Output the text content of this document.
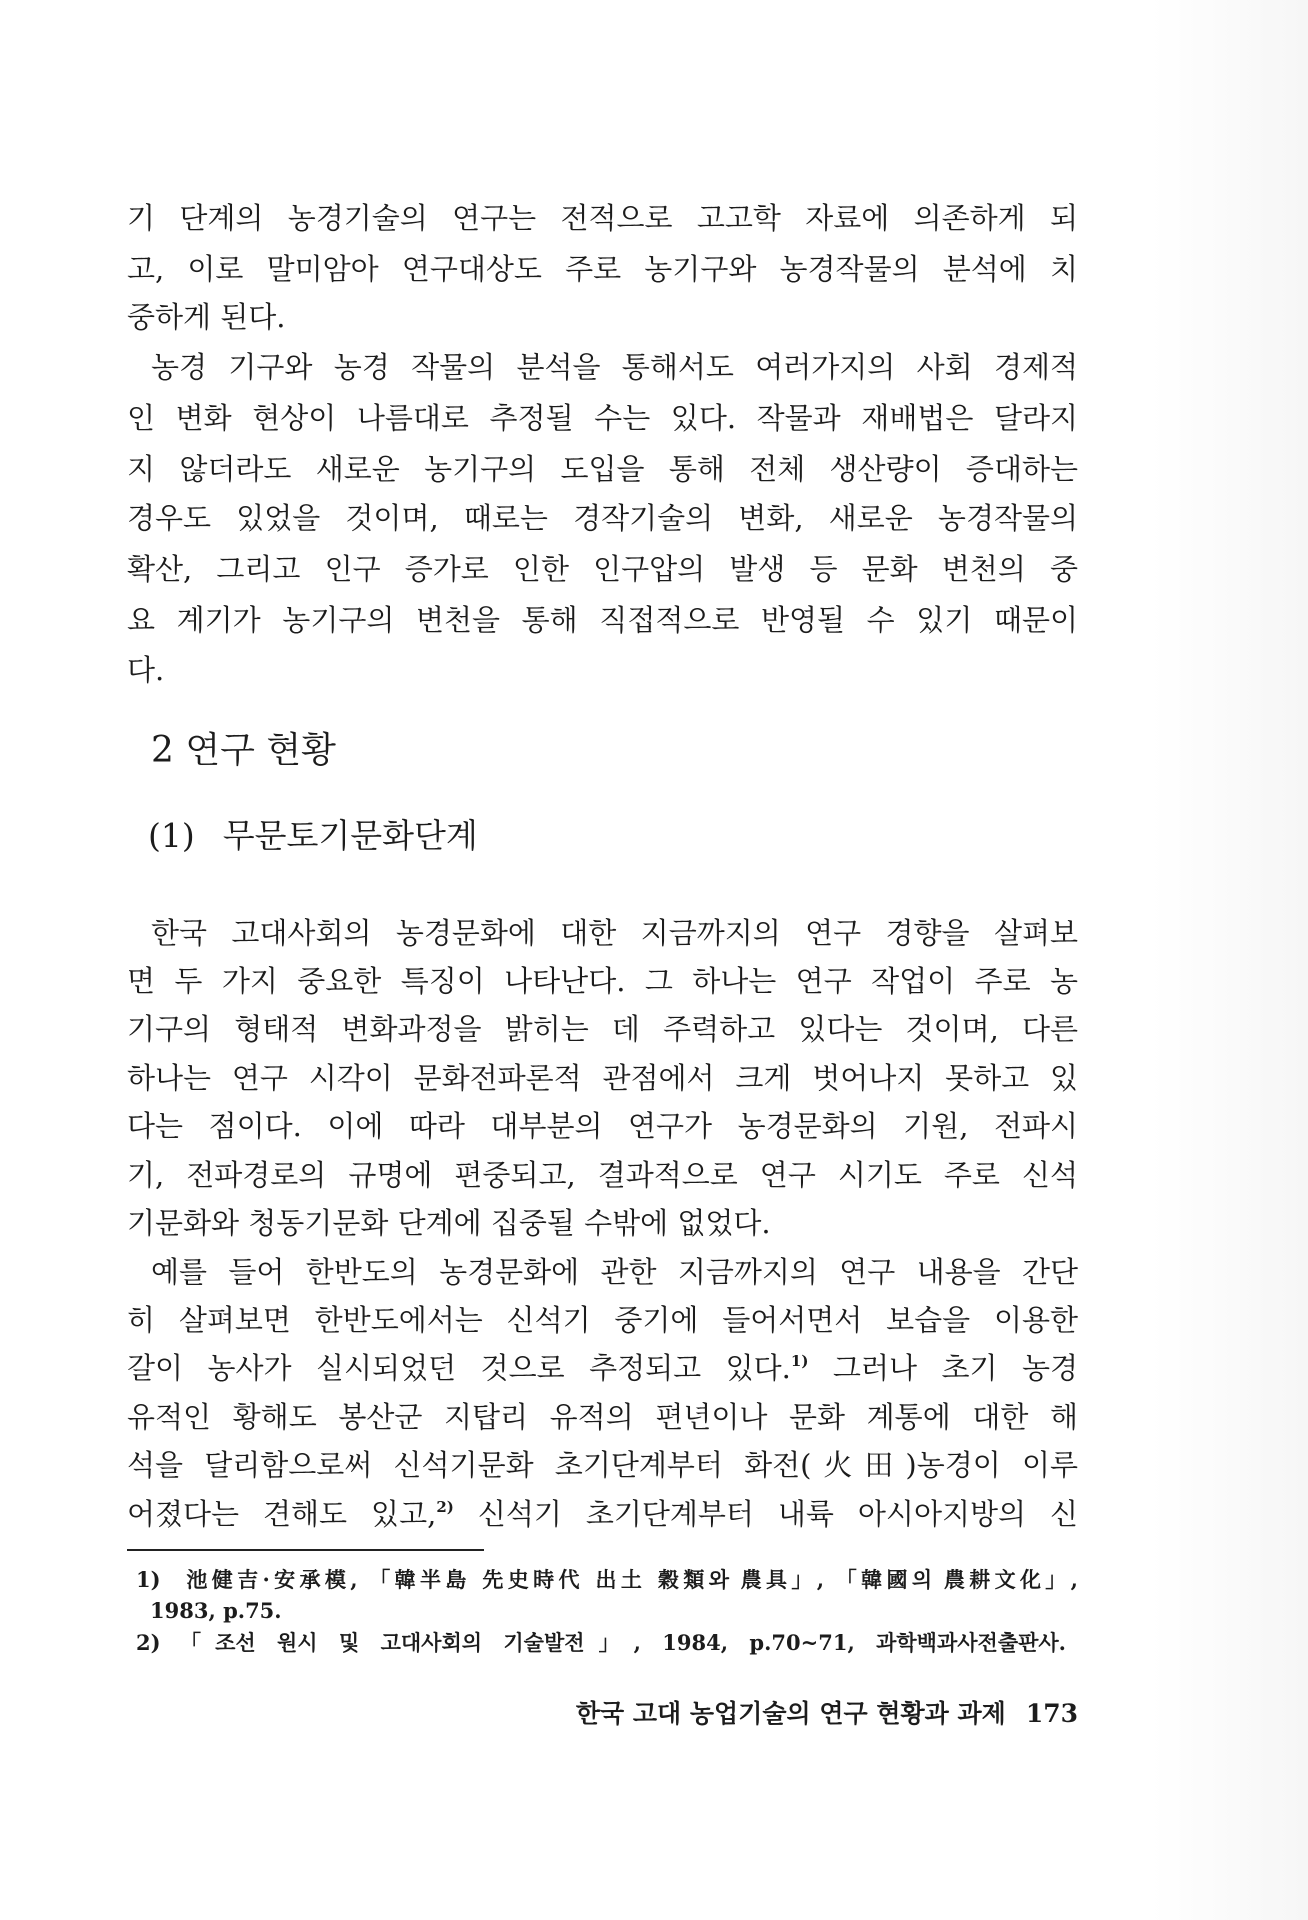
기 단계의 농경기술의 연구는 전적으로 고고학 자료에 의존하게 되
고, 이로 말미암아 연구대상도 주로 농기구와 농경작물의 분석에 치
중하게 된다.
농경 기구와 농경 작물의 분석을 통해서도 여러가지의 사회 경제적
인 변화 현상이 나름대로 추정될 수는 있다. 작물과 재배법은 달라지
지 않더라도 새로운 농기구의 도입을 통해 전체 생산량이 증대하는
경우도 있었을 것이며, 때로는 경작기술의 변화, 새로운 농경작물의
확산, 그리고 인구 증가로 인한 인구압의 발생 등 문화 변천의 중
요 계기가 농기구의 변천을 통해 직접적으로 반영될 수 있기 때문이
다.
2 연구 현황
(1) 무문토기문화단계
한국 고대사회의 농경문화에 대한 지금까지의 연구 경향을 살펴보
면 두 가지 중요한 특징이 나타난다. 그 하나는 연구 작업이 주로 농
기구의 형태적 변화과정을 밝히는 데 주력하고 있다는 것이며, 다른
하나는 연구 시각이 문화전파론적 관점에서 크게 벗어나지 못하고 있
다는 점이다. 이에 따라 대부분의 연구가 농경문화의 기원, 전파시
기, 전파경로의 규명에 편중되고, 결과적으로 연구 시기도 주로 신석
기문화와 청동기문화 단계에 집중될 수밖에 없었다.
예를 들어 한반도의 농경문화에 관한 지금까지의 연구 내용을 간단
히 살펴보면 한반도에서는 신석기 중기에 들어서면서 보습을 이용한
갈이 농사가 실시되었던 것으로 추정되고 있다.$^{1)}$ 그러나 초기 농경
유적인 황해도 봉산군 지탑리 유적의 편년이나 문화 계통에 대한 해
석을 달리함으로써 신석기문화 초기단계부터 화전(火田)농경이 이루
어졌다는 견해도 있고,$^{2)}$ 신석기 초기단계부터 내륙 아시아지방의 신
1) 池健吉·安承模, 「韓半島 先史時代 出土 穀類와 農具」, 「韓國의 農耕文化」,
1983, p.75.
2) 「조선 원시 및 고대사회의 기술발전」, 1984, p.70~71, 과학백과사전출판사.
한국 고대 농업기술의 연구 현황과 과제 173
